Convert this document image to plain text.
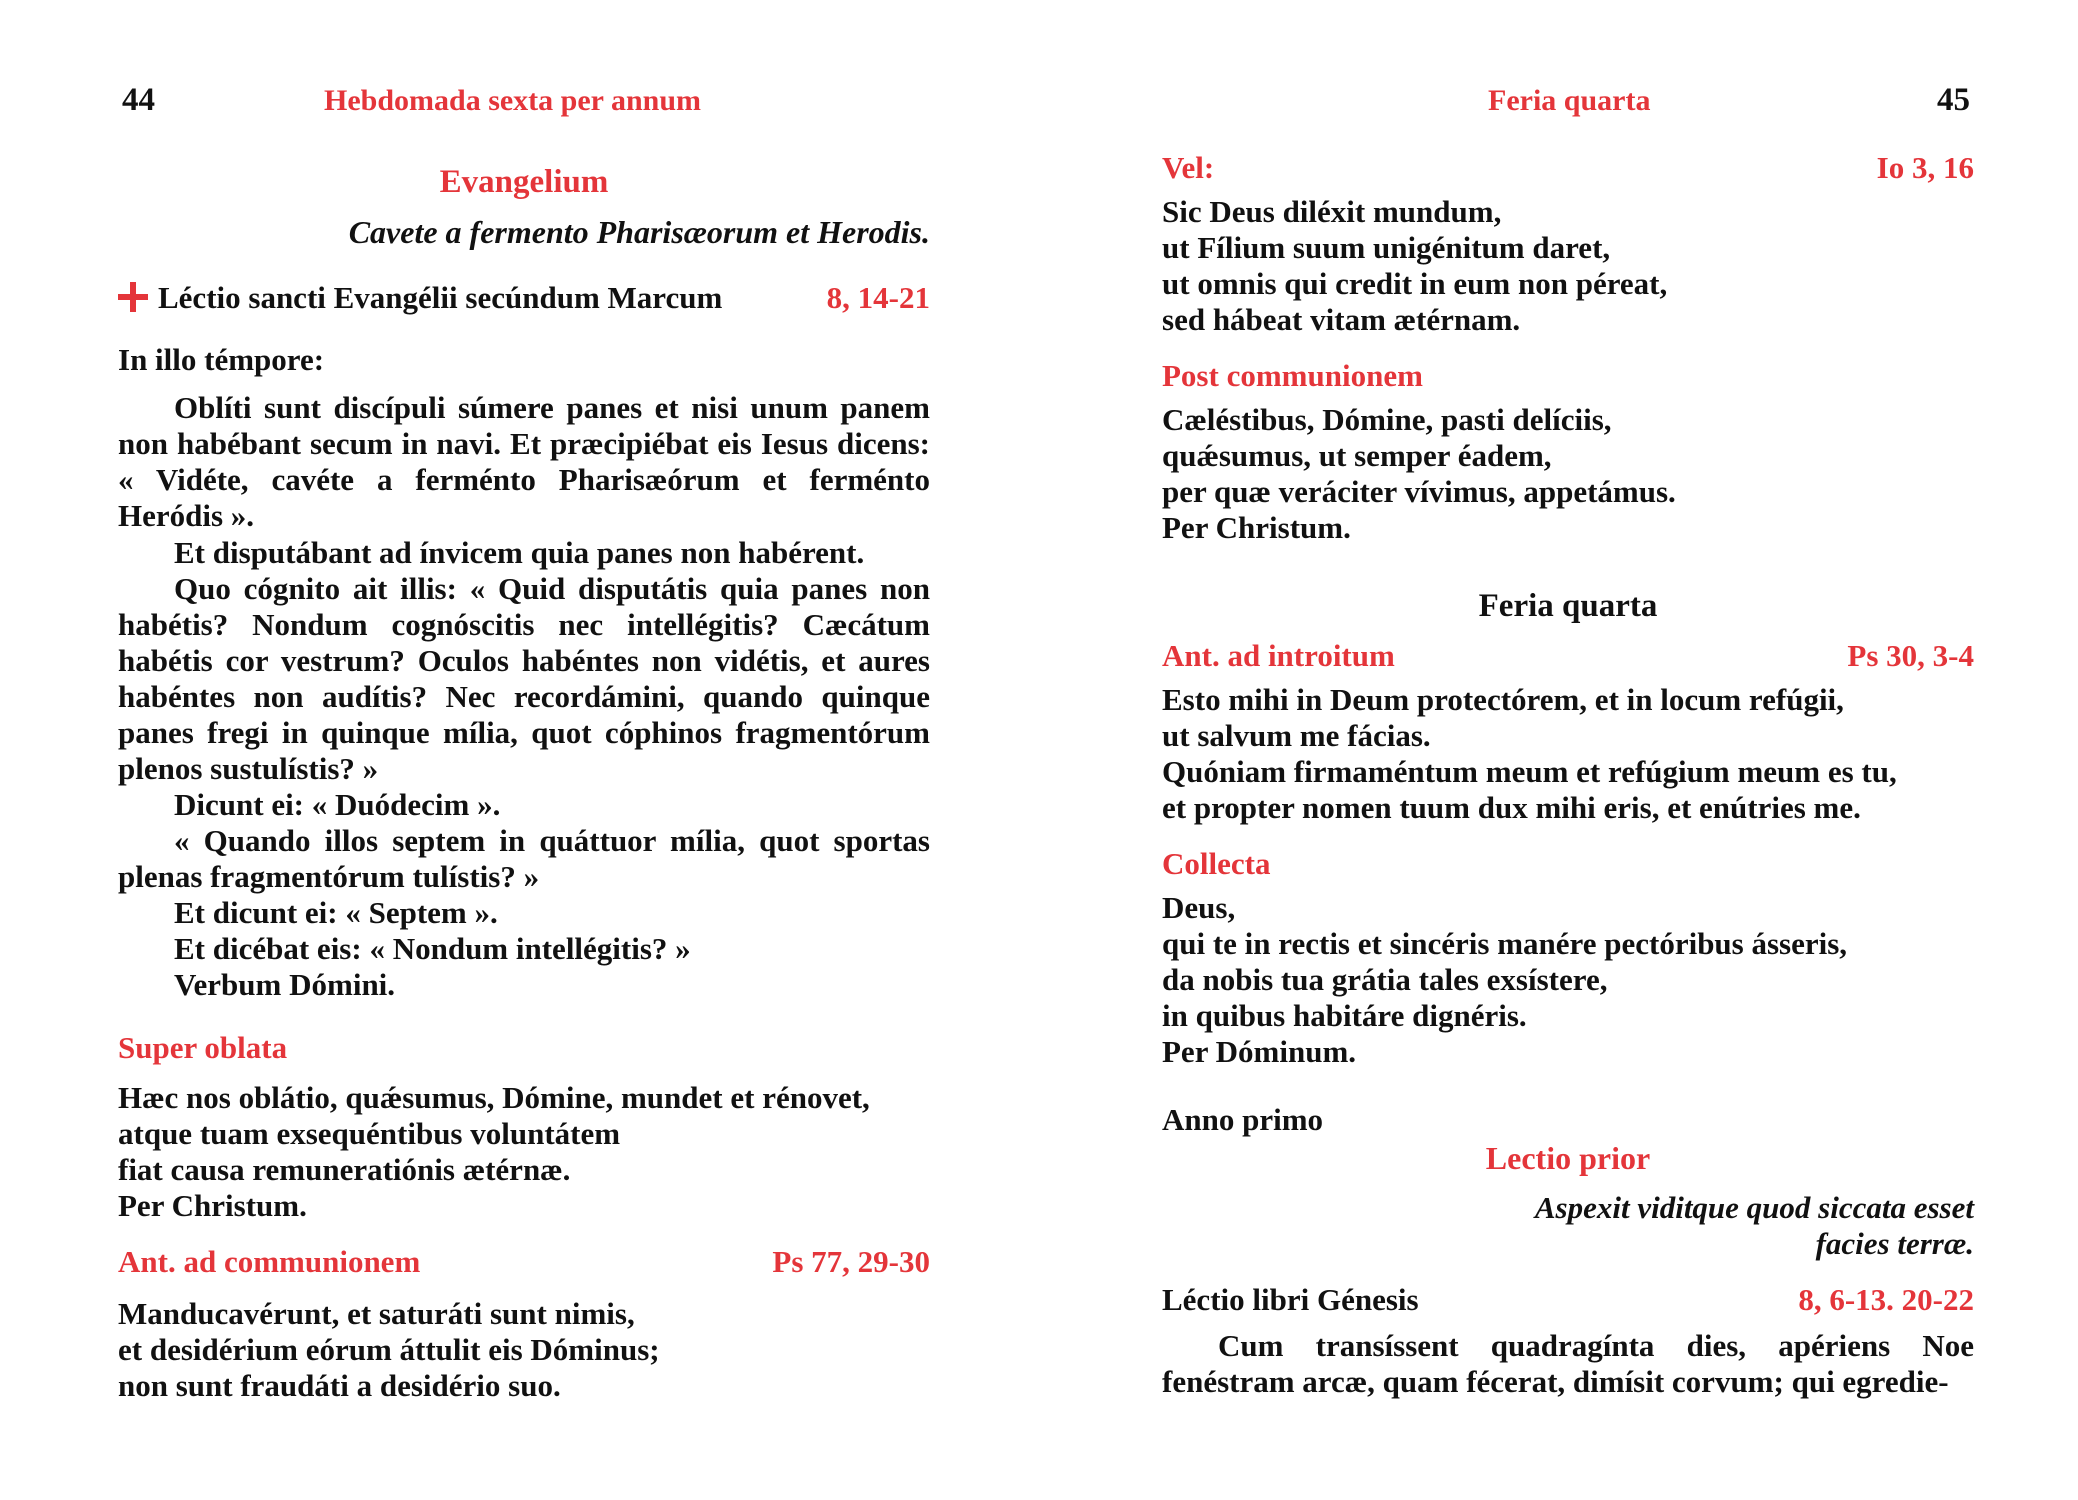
44	Hebdomada sexta per annum
Evangelium
Cavete a fermento Pharisæorum et Herodis.
Léctio sancti Evangélii secúndum Marcum	8, 14-21
In illo témpore:
Oblíti sunt discípuli súmere panes et nisi unum panem non habébant secum in navi. Et præcipiébat eis Iesus dicens: « Vidéte, cavéte a ferménto Pharisæórum et ferménto Heródis ».
Et disputábant ad ínvicem quia panes non habérent.
Quo cógnito ait illis: « Quid disputátis quia panes non habétis? Nondum cognóscitis nec intellégitis? Cæcátum habétis cor vestrum? Oculos habéntes non vidétis, et aures habéntes non audítis? Nec recordámini, quando quinque panes fregi in quinque mília, quot cóphinos fragmentórum plenos sustulístis? »
Dicunt ei: « Duódecim ».
« Quando illos septem in quáttuor mília, quot sportas plenas fragmentórum tulístis? »
Et dicunt ei: « Septem ».
Et dicébat eis: « Nondum intellégitis? »
Verbum Dómini.
Super oblata
Hæc nos oblátio, quǽsumus, Dómine, mundet et rénovet,
atque tuam exsequéntibus voluntátem
fiat causa remuneratiónis ætérnæ.
Per Christum.
Ant. ad communionem	Ps 77, 29-30
Manducavérunt, et saturáti sunt nimis,
et desidérium eórum áttulit eis Dóminus;
non sunt fraudáti a desidério suo.
Feria quarta	45
Vel:	Io 3, 16
Sic Deus diléxit mundum,
ut Fílium suum unigénitum daret,
ut omnis qui credit in eum non péreat,
sed hábeat vitam ætérnam.
Post communionem
Cæléstibus, Dómine, pasti delíciis,
quǽsumus, ut semper éadem,
per quæ veráciter vívimus, appetámus.
Per Christum.
Feria quarta
Ant. ad introitum	Ps 30, 3-4
Esto mihi in Deum protectórem, et in locum refúgii,
ut salvum me fácias.
Quóniam firmaméntum meum et refúgium meum es tu,
et propter nomen tuum dux mihi eris, et enútries me.
Collecta
Deus,
qui te in rectis et sincéris manére pectóribus ásseris,
da nobis tua grátia tales exsístere,
in quibus habitáre dignéris.
Per Dóminum.
Anno primo
Lectio prior
Aspexit viditque quod siccata esset
facies terræ.
Léctio libri Génesis	8, 6-13. 20-22
Cum transíssent quadragínta dies, apériens Noe fenéstram arcæ, quam fécerat, dimísit corvum; qui egredie-
